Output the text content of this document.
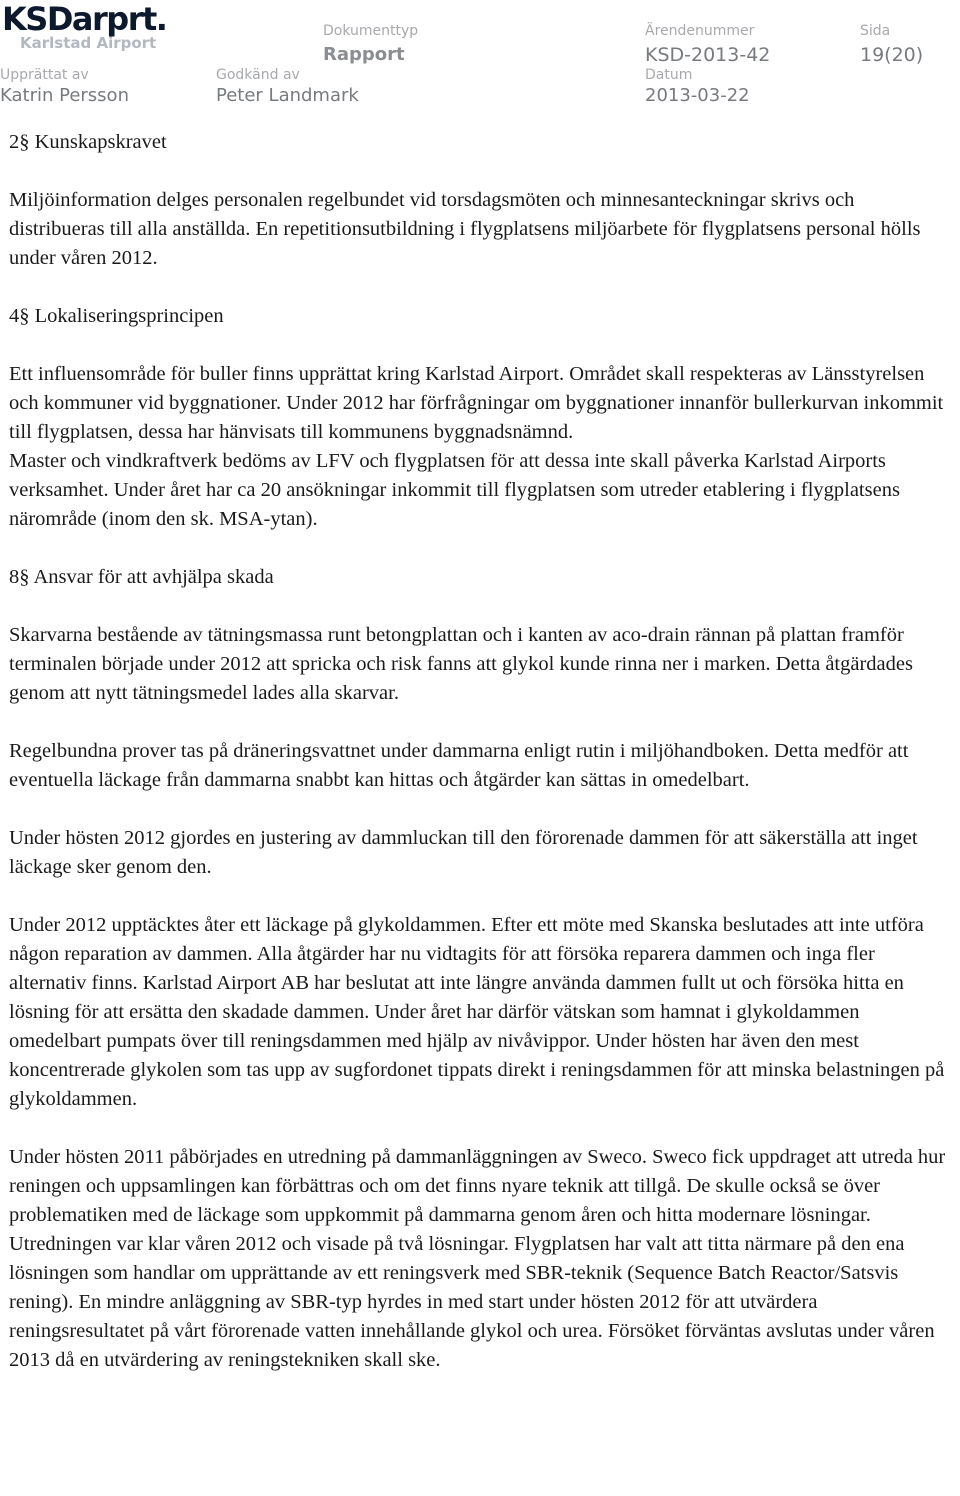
KSDarprt.
Karlstad Airport
Dokumenttyp
Rapport
Ärendenummer
KSD-2013-42
Sida
19(20)
Upprättat av
Katrin Persson
Godkänd av
Peter Landmark
Datum
2013-03-22

2§ Kunskapskravet

Miljöinformation delges personalen regelbundet vid torsdagsmöten och minnesanteckningar skrivs och distribueras till alla anställda. En repetitionsutbildning i flygplatsens miljöarbete för flygplatsens personal hölls under våren 2012.

4§ Lokaliseringsprincipen

Ett influensområde för buller finns upprättat kring Karlstad Airport. Området skall respekteras av Länsstyrelsen och kommuner vid byggnationer. Under 2012 har förfrågningar om byggnationer innanför bullerkurvan inkommit till flygplatsen, dessa har hänvisats till kommunens byggnadsnämnd.

Master och vindkraftverk bedöms av LFV och flygplatsen för att dessa inte skall påverka Karlstad Airports verksamhet. Under året har ca 20 ansökningar inkommit till flygplatsen som utreder etablering i flygplatsens närområde (inom den sk. MSA-ytan).

8§ Ansvar för att avhjälpa skada

Skarvarna bestående av tätningsmassa runt betongplattan och i kanten av aco-drain rännan på plattan framför terminalen började under 2012 att spricka och risk fanns att glykol kunde rinna ner i marken. Detta åtgärdades genom att nytt tätningsmedel lades alla skarvar.

Regelbundna prover tas på dräneringsvattnet under dammarna enligt rutin i miljöhandboken. Detta medför att eventuella läckage från dammarna snabbt kan hittas och åtgärder kan sättas in omedelbart.

Under hösten 2012 gjordes en justering av dammluckan till den förorenade dammen för att säkerställa att inget läckage sker genom den.

Under 2012 upptäcktes åter ett läckage på glykoldammen. Efter ett möte med Skanska beslutades att inte utföra någon reparation av dammen. Alla åtgärder har nu vidtagits för att försöka reparera dammen och inga fler alternativ finns. Karlstad Airport AB har beslutat att inte längre använda dammen fullt ut och försöka hitta en lösning för att ersätta den skadade dammen. Under året har därför vätskan som hamnat i glykoldammen omedelbart pumpats över till reningsdammen med hjälp av nivåvippor. Under hösten har även den mest koncentrerade glykolen som tas upp av sugfordonet tippats direkt i reningsdammen för att minska belastningen på glykoldammen.

Under hösten 2011 påbörjades en utredning på dammanläggningen av Sweco. Sweco fick uppdraget att utreda hur reningen och uppsamlingen kan förbättras och om det finns nyare teknik att tillgå. De skulle också se över problematiken med de läckage som uppkommit på dammarna genom åren och hitta modernare lösningar. Utredningen var klar våren 2012 och visade på två lösningar. Flygplatsen har valt att titta närmare på den ena lösningen som handlar om upprättande av ett reningsverk med SBR-teknik (Sequence Batch Reactor/Satsvis rening). En mindre anläggning av SBR-typ hyrdes in med start under hösten 2012 för att utvärdera reningsresultatet på vårt förorenade vatten innehållande glykol och urea. Försöket förväntas avslutas under våren 2013 då en utvärdering av reningstekniken skall ske.
